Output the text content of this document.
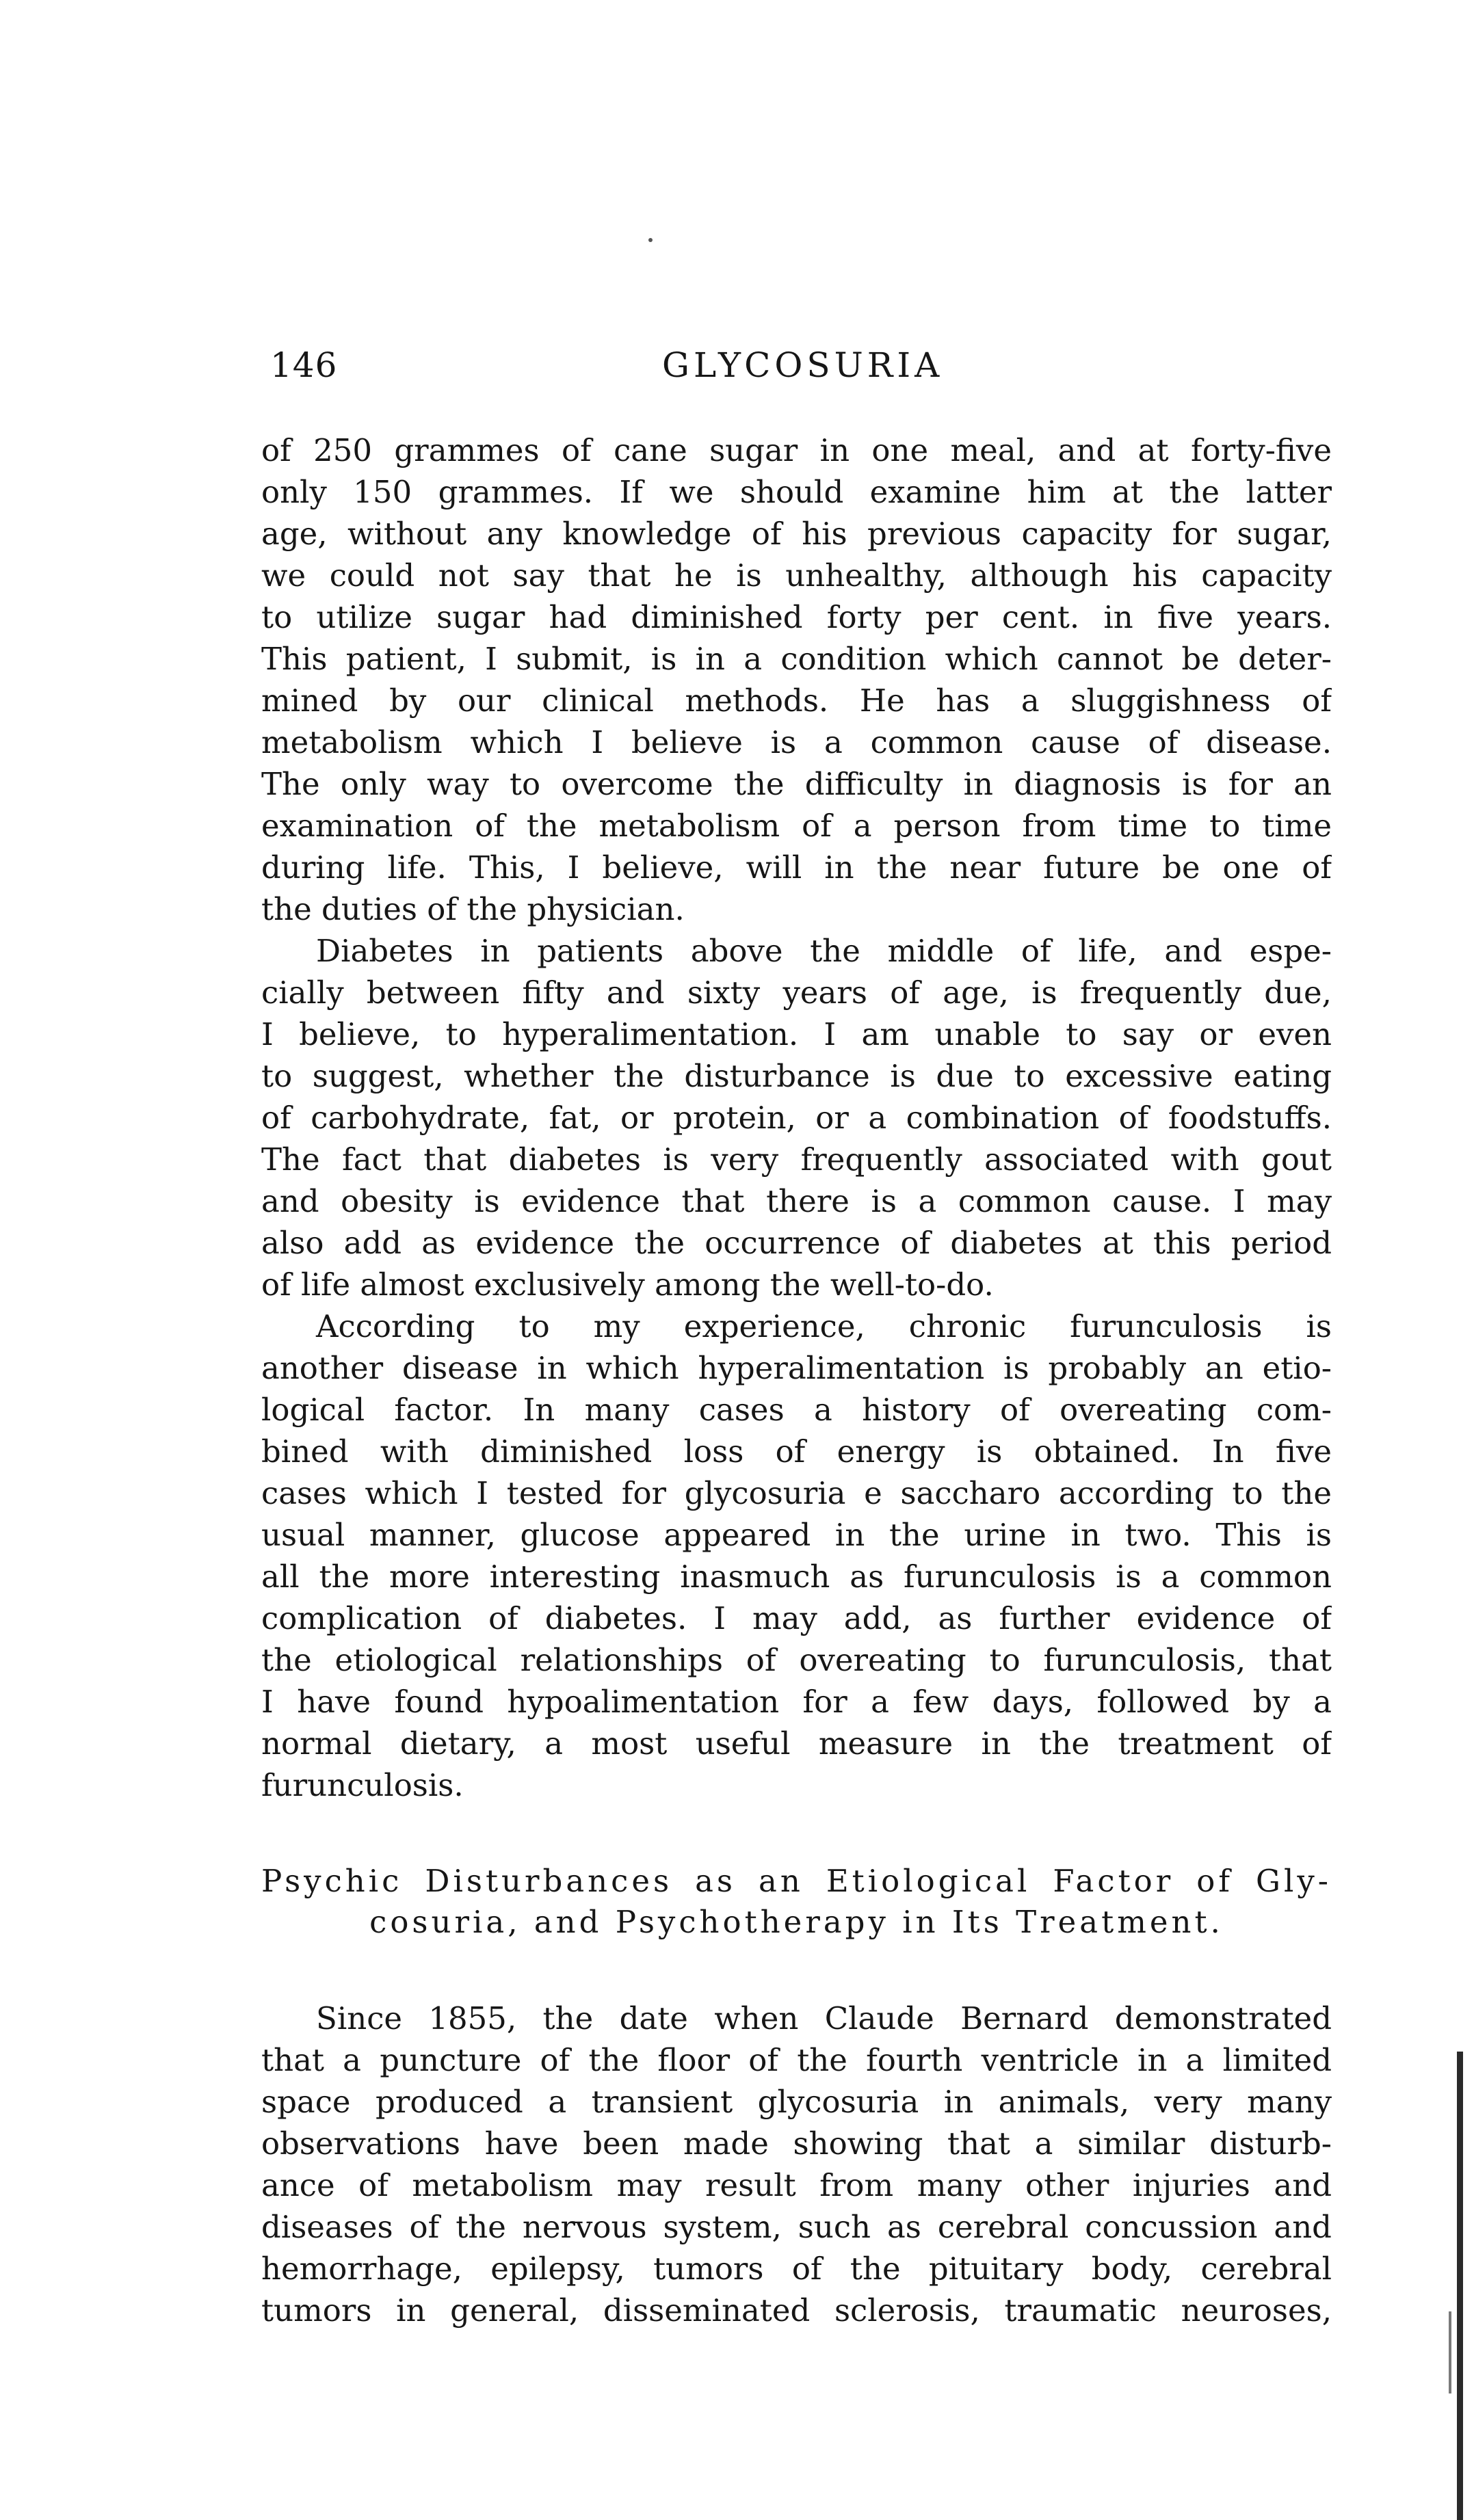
146	GLYCOSURIA
of 250 grammes of cane sugar in one meal, and at forty-five
only 150 grammes. If we should examine him at the latter
age, without any knowledge of his previous capacity for sugar,
we could not say that he is unhealthy, although his capacity
to utilize sugar had diminished forty per cent. in five years.
This patient, I submit, is in a condition which cannot be deter-
mined by our clinical methods. He has a sluggishness of
metabolism which I believe is a common cause of disease.
The only way to overcome the difficulty in diagnosis is for an
examination of the metabolism of a person from time to time
during life. This, I believe, will in the near future be one of
the duties of the physician.
Diabetes in patients above the middle of life, and espe-
cially between fifty and sixty years of age, is frequently due,
I believe, to hyperalimentation. I am unable to say or even
to suggest, whether the disturbance is due to excessive eating
of carbohydrate, fat, or protein, or a combination of foodstuffs.
The fact that diabetes is very frequently associated with gout
and obesity is evidence that there is a common cause. I may
also add as evidence the occurrence of diabetes at this period
of life almost exclusively among the well-to-do.
According to my experience, chronic furunculosis is
another disease in which hyperalimentation is probably an etio-
logical factor. In many cases a history of overeating com-
bined with diminished loss of energy is obtained. In five
cases which I tested for glycosuria e saccharo according to the
usual manner, glucose appeared in the urine in two. This is
all the more interesting inasmuch as furunculosis is a common
complication of diabetes. I may add, as further evidence of
the etiological relationships of overeating to furunculosis, that
I have found hypoalimentation for a few days, followed by a
normal dietary, a most useful measure in the treatment of
furunculosis.
Psychic Disturbances as an Etiological Factor of Gly-
cosuria, and Psychotherapy in Its Treatment.
Since 1855, the date when Claude Bernard demonstrated
that a puncture of the floor of the fourth ventricle in a limited
space produced a transient glycosuria in animals, very many
observations have been made showing that a similar disturb-
ance of metabolism may result from many other injuries and
diseases of the nervous system, such as cerebral concussion and
hemorrhage, epilepsy, tumors of the pituitary body, cerebral
tumors in general, disseminated sclerosis, traumatic neuroses,
